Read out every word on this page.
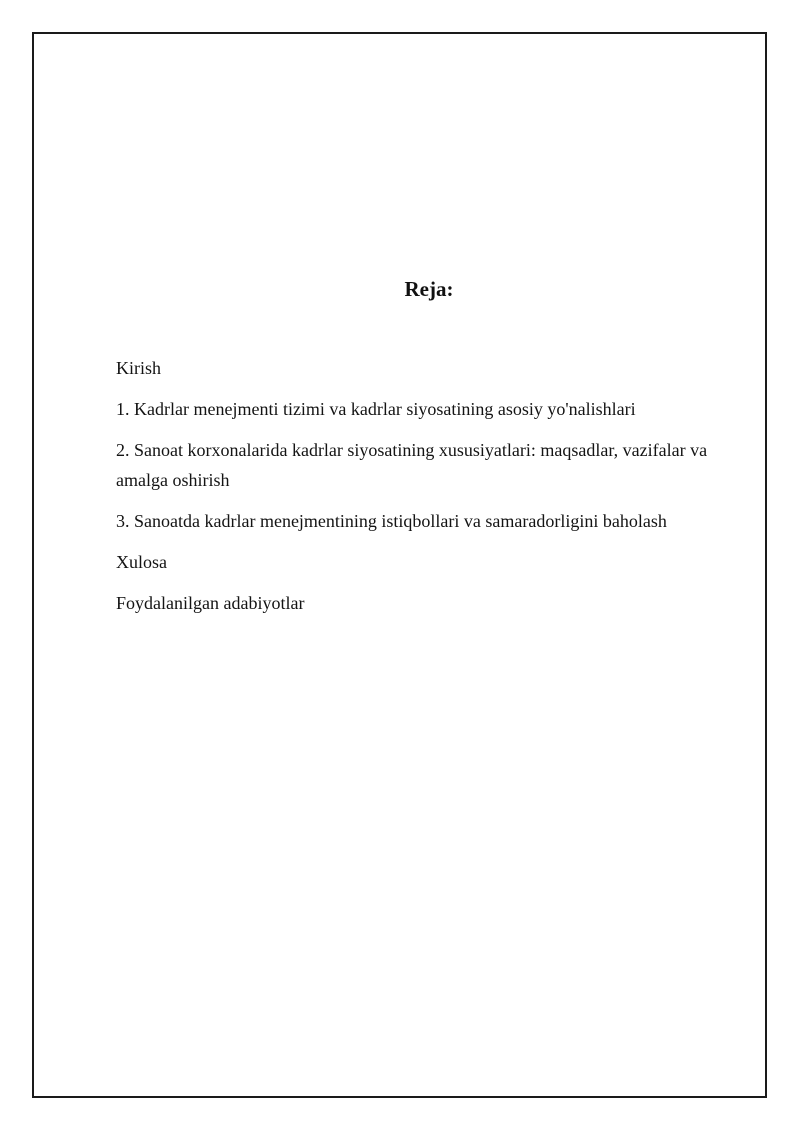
Reja:

Kirish

1. Kadrlar menejmenti tizimi va kadrlar siyosatining asosiy yo'nalishlari

2. Sanoat korxonalarida kadrlar siyosatining xususiyatlari: maqsadlar, vazifalar va amalga oshirish

3. Sanoatda kadrlar menejmentining istiqbollari va samaradorligini baholash

Xulosa

Foydalanilgan adabiyotlar
